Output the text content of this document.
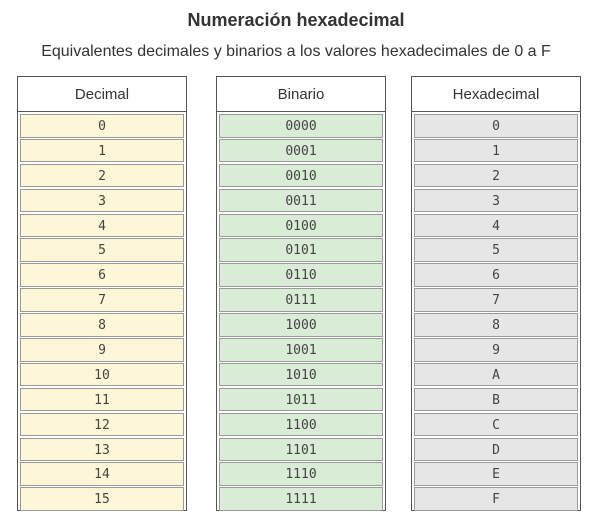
Numeración hexadecimal
Equivalentes decimales y binarios a los valores hexadecimales de 0 a F
Decimal
0
1
2
3
4
5
6
7
8
9
10
11
12
13
14
15
Binario
0000
0001
0010
0011
0100
0101
0110
0111
1000
1001
1010
1011
1100
1101
1110
1111
Hexadecimal
0
1
2
3
4
5
6
7
8
9
A
B
C
D
E
F
